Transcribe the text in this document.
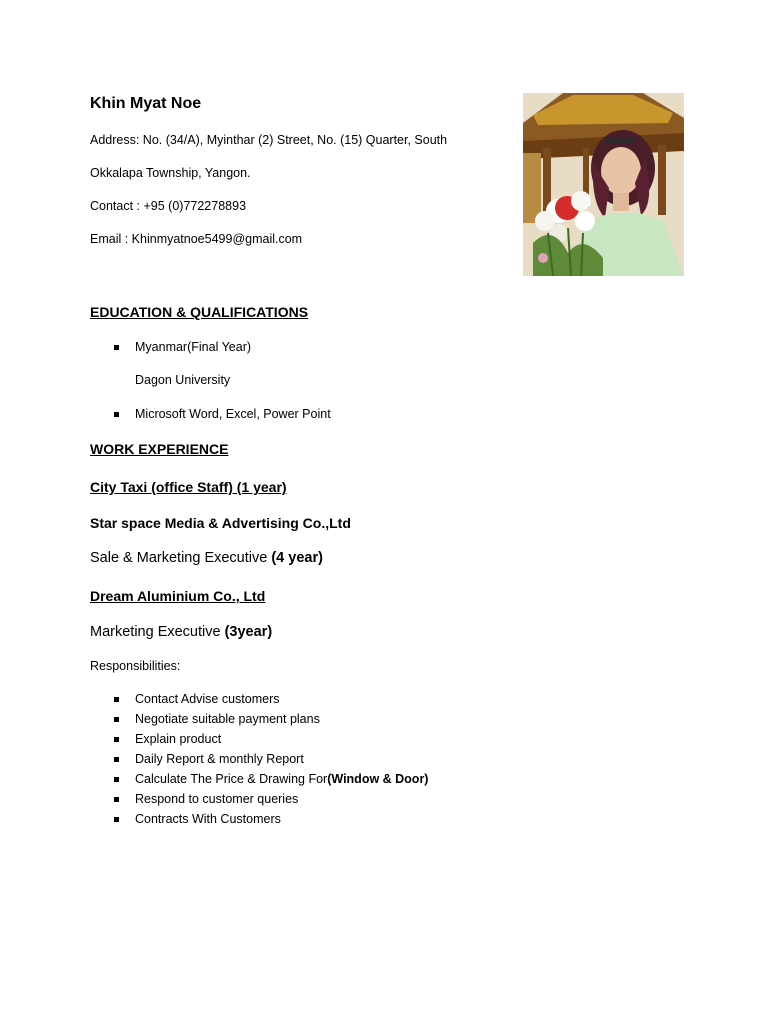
Khin Myat Noe
Address: No. (34/A), Myinthar (2) Street, No. (15) Quarter, South
Okkalapa Township, Yangon.
Contact : +95 (0)772278893
Email : Khinmyatnoe5499@gmail.com
EDUCATION & QUALIFICATIONS
Myanmar(Final Year)
Dagon University
Microsoft Word, Excel, Power Point
WORK EXPERIENCE
City Taxi (office Staff) (1 year)
Star space Media & Advertising Co.,Ltd
Sale & Marketing Executive (4 year)
Dream Aluminium Co., Ltd
Marketing Executive (3year)
Responsibilities:
Contact Advise customers
Negotiate suitable payment plans
Explain product
Daily Report & monthly Report
Calculate The Price & Drawing For (Window & Door)
Respond to customer queries
Contracts With Customers
